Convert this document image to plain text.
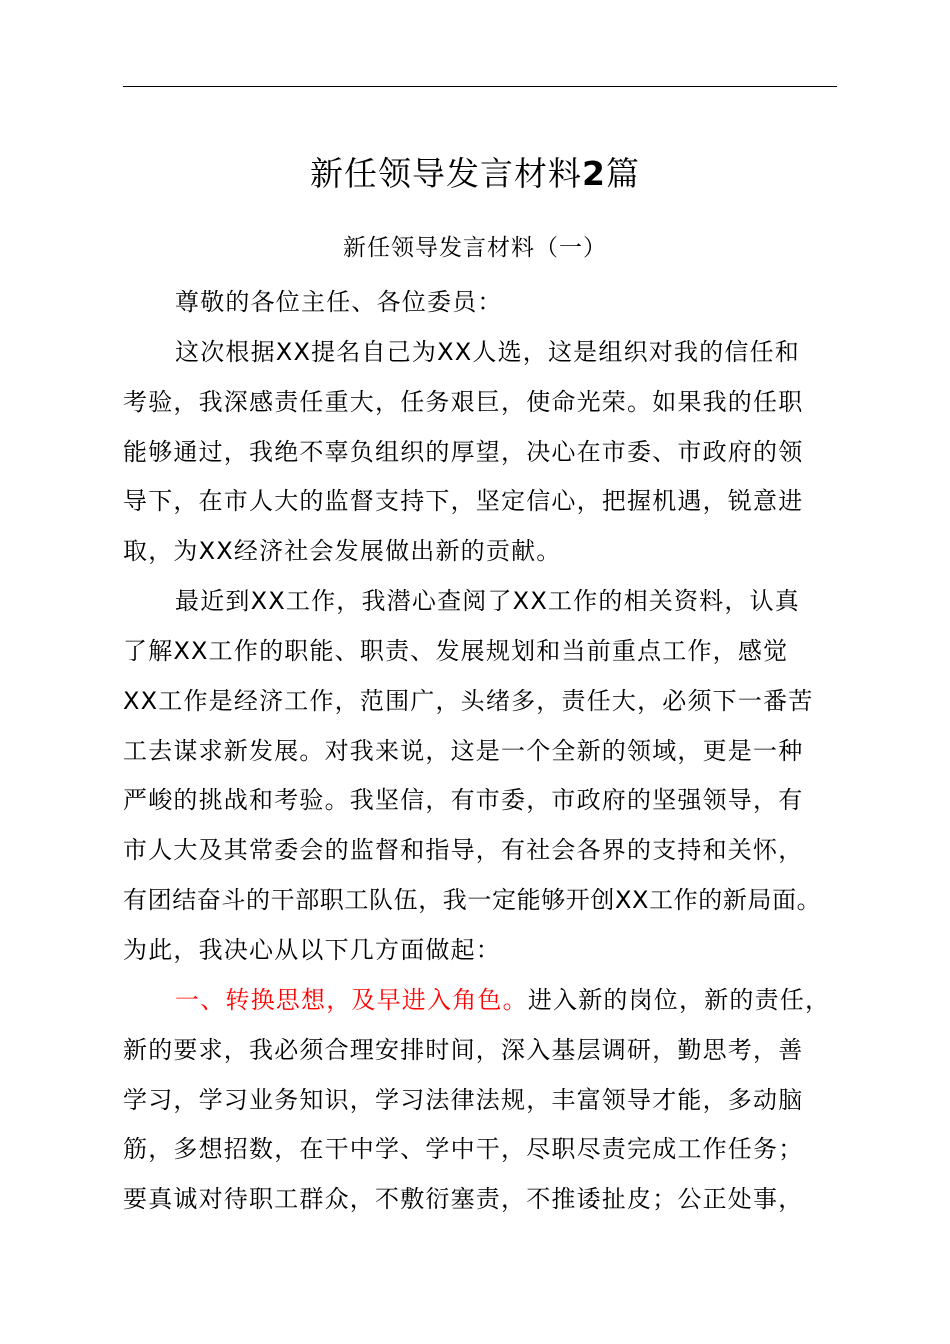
新任领导发言材料2篇
新任领导发言材料（一）
尊敬的各位主任、各位委员：
这次根据XX提名自己为XX人选，这是组织对我的信任和
考验，我深感责任重大，任务艰巨，使命光荣。如果我的任职
能够通过，我绝不辜负组织的厚望，决心在市委、市政府的领
导下，在市人大的监督支持下，坚定信心，把握机遇，锐意进
取，为XX经济社会发展做出新的贡献。
最近到XX工作，我潜心查阅了XX工作的相关资料，认真
了解XX工作的职能、职责、发展规划和当前重点工作，感觉
XX工作是经济工作，范围广，头绪多，责任大，必须下一番苦
工去谋求新发展。对我来说，这是一个全新的领域，更是一种
严峻的挑战和考验。我坚信，有市委，市政府的坚强领导，有
市人大及其常委会的监督和指导，有社会各界的支持和关怀，
有团结奋斗的干部职工队伍，我一定能够开创XX工作的新局面。
为此，我决心从以下几方面做起：
一、转换思想，及早进入角色。进入新的岗位，新的责任，
新的要求，我必须合理安排时间，深入基层调研，勤思考，善
学习，学习业务知识，学习法律法规，丰富领导才能，多动脑
筋，多想招数，在干中学、学中干，尽职尽责完成工作任务；
要真诚对待职工群众，不敷衍塞责，不推诿扯皮；公正处事，
